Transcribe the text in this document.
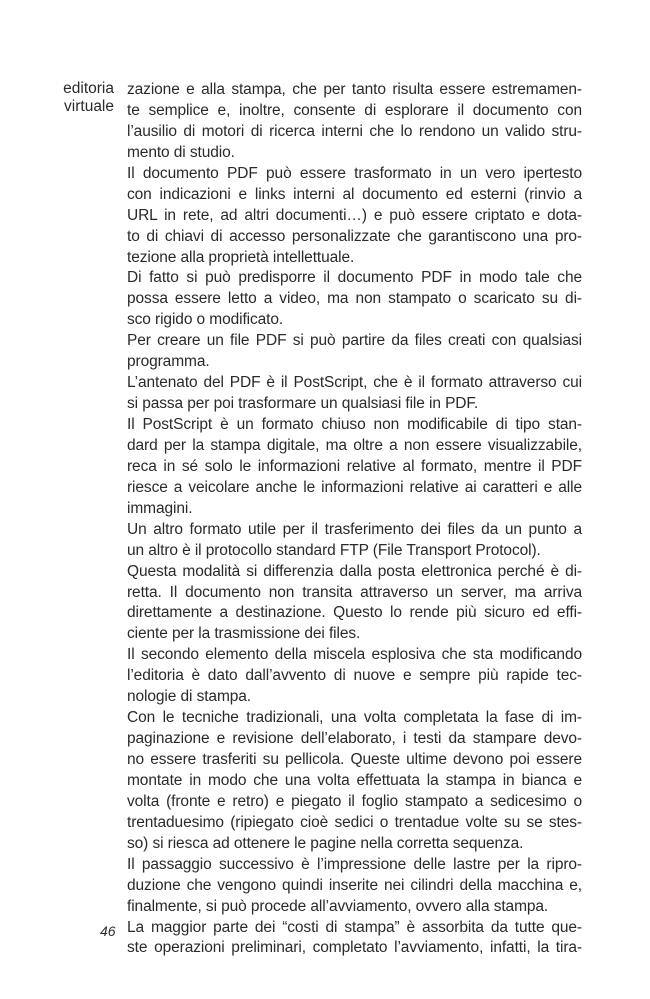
editoria
virtuale
zazione e alla stampa, che per tanto risulta essere estremamen-
te semplice e, inoltre, consente di esplorare il documento con
l’ausilio di motori di ricerca interni che lo rendono un valido stru-
mento di studio.
Il documento PDF può essere trasformato in un vero ipertesto
con indicazioni e links interni al documento ed esterni (rinvio a
URL in rete, ad altri documenti…) e può essere criptato e dota-
to di chiavi di accesso personalizzate che garantiscono una pro-
tezione alla proprietà intellettuale.
Di fatto si può predisporre il documento PDF in modo tale che
possa essere letto a video, ma non stampato o scaricato su di-
sco rigido o modificato.
Per creare un file PDF si può partire da files creati con qualsiasi
programma.
L’antenato del PDF è il PostScript, che è il formato attraverso cui
si passa per poi trasformare un qualsiasi file in PDF.
Il PostScript è un formato chiuso non modificabile di tipo stan-
dard per la stampa digitale, ma oltre a non essere visualizzabile,
reca in sé solo le informazioni relative al formato, mentre il PDF
riesce a veicolare anche le informazioni relative ai caratteri e alle
immagini.
Un altro formato utile per il trasferimento dei files da un punto a
un altro è il protocollo standard FTP (File Transport Protocol).
Questa modalità si differenzia dalla posta elettronica perché è di-
retta. Il documento non transita attraverso un server, ma arriva
direttamente a destinazione. Questo lo rende più sicuro ed effi-
ciente per la trasmissione dei files.
Il secondo elemento della miscela esplosiva che sta modificando
l’editoria è dato dall’avvento di nuove e sempre più rapide tec-
nologie di stampa.
Con le tecniche tradizionali, una volta completata la fase di im-
paginazione e revisione dell’elaborato, i testi da stampare devo-
no essere trasferiti su pellicola. Queste ultime devono poi essere
montate in modo che una volta effettuata la stampa in bianca e
volta (fronte e retro) e piegato il foglio stampato a sedicesimo o
trentaduesimo (ripiegato cioè sedici o trentadue volte su se stes-
so) si riesca ad ottenere le pagine nella corretta sequenza.
Il passaggio successivo è l’impressione delle lastre per la ripro-
duzione che vengono quindi inserite nei cilindri della macchina e,
finalmente, si può procede all’avviamento, ovvero alla stampa.
La maggior parte dei “costi di stampa” è assorbita da tutte que-
ste operazioni preliminari, completato l’avviamento, infatti, la tira-
46
